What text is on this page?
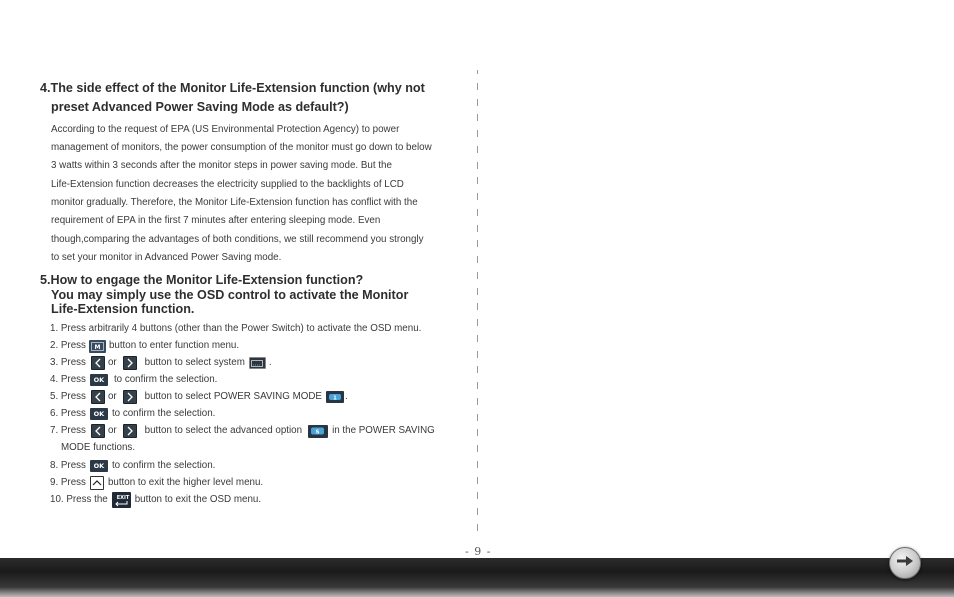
4.The side effect of the Monitor Life-Extension function (why not

preset Advanced Power Saving Mode as default?)

According to the request of EPA (US Environmental Protection Agency) to power
management of monitors, the power consumption of the monitor must go down to below
3 watts within 3 seconds after the monitor steps in power saving mode. But the
Life-Extension function decreases the electricity supplied to the backlights of LCD
monitor gradually. Therefore, the Monitor Life-Extension function has conflict with the
requirement of EPA in the first 7 minutes after entering sleeping mode. Even
though,comparing the advantages of both conditions, we still recommend you strongly
to set your monitor in Advanced Power Saving mode.

5.How to engage the Monitor Life-Extension function?

You may simply use the OSD control to activate the Monitor

Life-Extension function.

1. Press
arbitrarily 4 buttons (other than the Power Switch) to activate the OSD menu.
2. Press M button to enter function menu.
3. Press or	button to select system .
4. Press	OK to confirm the selection.
5. Press or	button to select POWER SAVING MODE 1 .
6. Press	OK to confirm the selection.
7. Press or	button to select the advanced option S in the POWER SAVING
MODE functions.
8. Press	OK to confirm the selection.
9. Press button to exit the higher level menu.
10. Press the EXIT button to exit the OSD menu.
- 9 -
